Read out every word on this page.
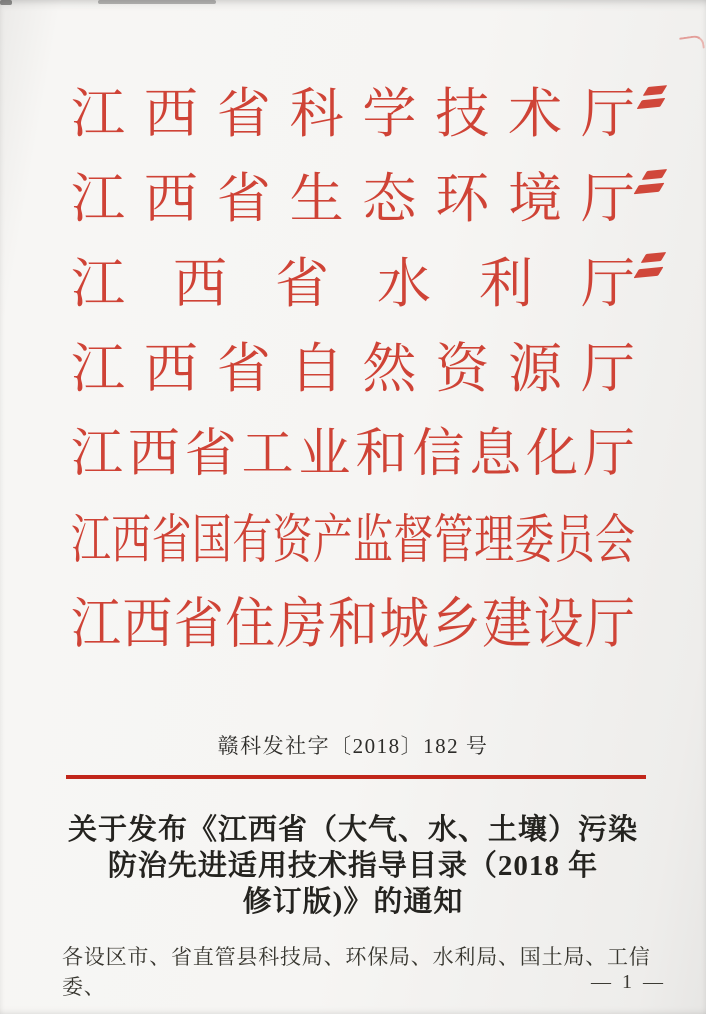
江西省科学技术厅
江西省生态环境厅
江西省水利厅
江西省自然资源厅
江西省工业和信息化厅
江西省国有资产监督管理委员会
江西省住房和城乡建设厅
赣科发社字〔2018〕182 号
关于发布《江西省（大气、水、土壤）污染
防治先进适用技术指导目录（2018 年
修订版)》的通知
各设区市、省直管县科技局、环保局、水利局、国土局、工信委、	— 1 —
